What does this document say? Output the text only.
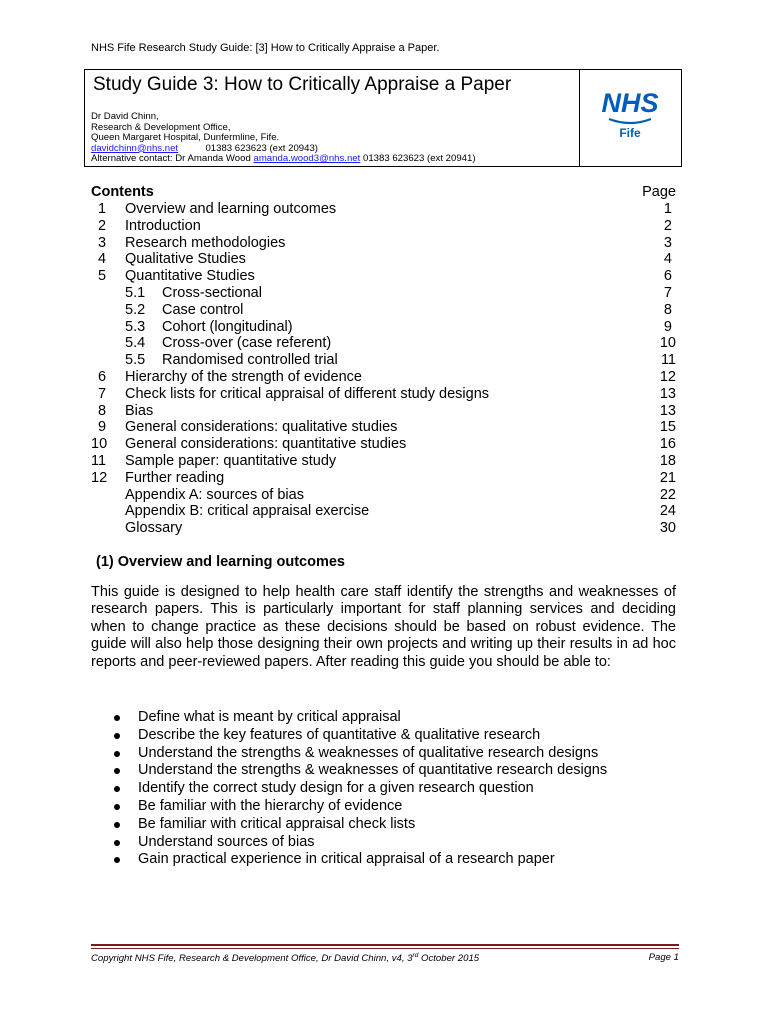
NHS Fife Research Study Guide: [3] How to Critically Appraise a Paper.
Study Guide 3: How to Critically Appraise a Paper
Dr David Chinn,
Research & Development Office,
Queen Margaret Hospital, Dunfermline, Fife.
davidchinn@nhs.net	01383 623623 (ext 20943)
Alternative contact: Dr Amanda Wood amanda.wood3@nhs.net 01383 623623 (ext 20941)
NHS
Fife
Contents	Page
1 Overview and learning outcomes	1
2 Introduction	2
3 Research methodologies	3
4 Qualitative Studies	4
5 Quantitative Studies	6
5.1 Cross-sectional	7
5.2 Case control	8
5.3 Cohort (longitudinal)	9
5.4 Cross-over (case referent)	10
5.5 Randomised controlled trial	11
6 Hierarchy of the strength of evidence	12
7 Check lists for critical appraisal of different study designs	13
8 Bias	13
9 General considerations: qualitative studies	15
10 General considerations: quantitative studies	16
11 Sample paper: quantitative study	18
12 Further reading	21
Appendix A: sources of bias	22
Appendix B: critical appraisal exercise	24
Glossary	30
(1) Overview and learning outcomes

This guide is designed to help health care staff identify the strengths and weaknesses of research papers. This is particularly important for staff planning services and deciding when to change practice as these decisions should be based on robust evidence. The guide will also help those designing their own projects and writing up their results in ad hoc reports and peer-reviewed papers. After reading this guide you should be able to:

Define what is meant by critical appraisal
Describe the key features of quantitative & qualitative research
Understand the strengths & weaknesses of qualitative research designs
Understand the strengths & weaknesses of quantitative research designs
Identify the correct study design for a given research question
Be familiar with the hierarchy of evidence
Be familiar with critical appraisal check lists
Understand sources of bias
Gain practical experience in critical appraisal of a research paper
Copyright NHS Fife, Research & Development Office, Dr David Chinn, v4, 3rd October 2015	Page 1
